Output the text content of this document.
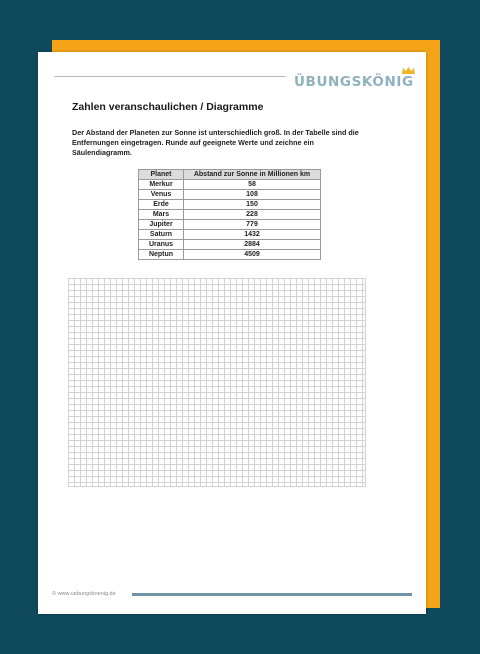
ÜBUNGSKÖNIG
Zahlen veranschaulichen / Diagramme
Der Abstand der Planeten zur Sonne ist unterschiedlich groß. In der Tabelle sind die
Entfernungen eingetragen. Runde auf geeignete Werte und zeichne ein
Säulendiagramm.
Planet	Abstand zur Sonne in Millionen km
Merkur	58
Venus	108
Erde	150
Mars	228
Jupiter	779
Saturn	1432
Uranus	2884
Neptun	4509
© www.uebungskoenig.de
